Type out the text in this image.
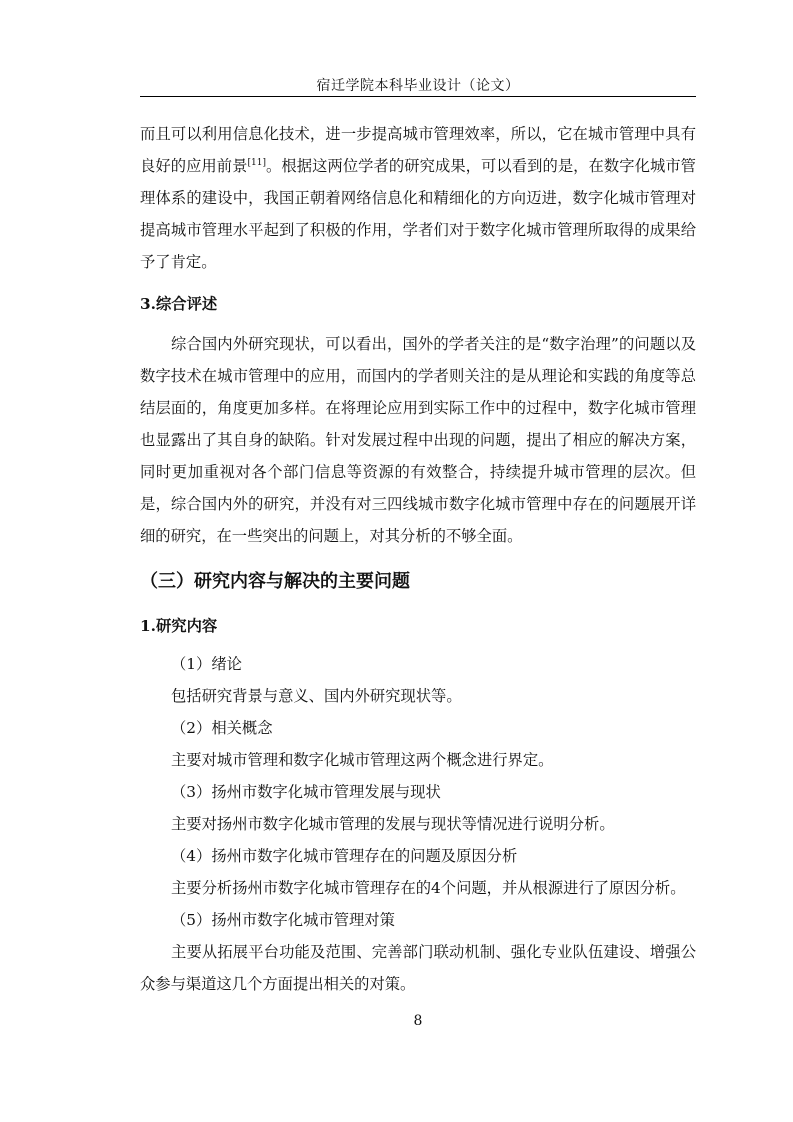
宿迁学院本科毕业设计（论文）

而且可以利用信息化技术，进一步提高城市管理效率，所以，它在城市管理中具有良好的应用前景[11]。根据这两位学者的研究成果，可以看到的是，在数字化城市管理体系的建设中，我国正朝着网络信息化和精细化的方向迈进，数字化城市管理对提高城市管理水平起到了积极的作用，学者们对于数字化城市管理所取得的成果给予了肯定。

3.综合评述

综合国内外研究现状，可以看出，国外的学者关注的是“数字治理”的问题以及数字技术在城市管理中的应用，而国内的学者则关注的是从理论和实践的角度等总结层面的，角度更加多样。在将理论应用到实际工作中的过程中，数字化城市管理也显露出了其自身的缺陷。针对发展过程中出现的问题，提出了相应的解决方案，同时更加重视对各个部门信息等资源的有效整合，持续提升城市管理的层次。但是，综合国内外的研究，并没有对三四线城市数字化城市管理中存在的问题展开详细的研究，在一些突出的问题上，对其分析的不够全面。

（三）研究内容与解决的主要问题
1.研究内容

（1）绪论

包括研究背景与意义、国内外研究现状等。

（2）相关概念

主要对城市管理和数字化城市管理这两个概念进行界定。

（3）扬州市数字化城市管理发展与现状

主要对扬州市数字化城市管理的发展与现状等情况进行说明分析。

（4）扬州市数字化城市管理存在的问题及原因分析

主要分析扬州市数字化城市管理存在的4个问题，并从根源进行了原因分析。

（5）扬州市数字化城市管理对策

主要从拓展平台功能及范围、完善部门联动机制、强化专业队伍建设、增强公众参与渠道这几个方面提出相关的对策。

8
